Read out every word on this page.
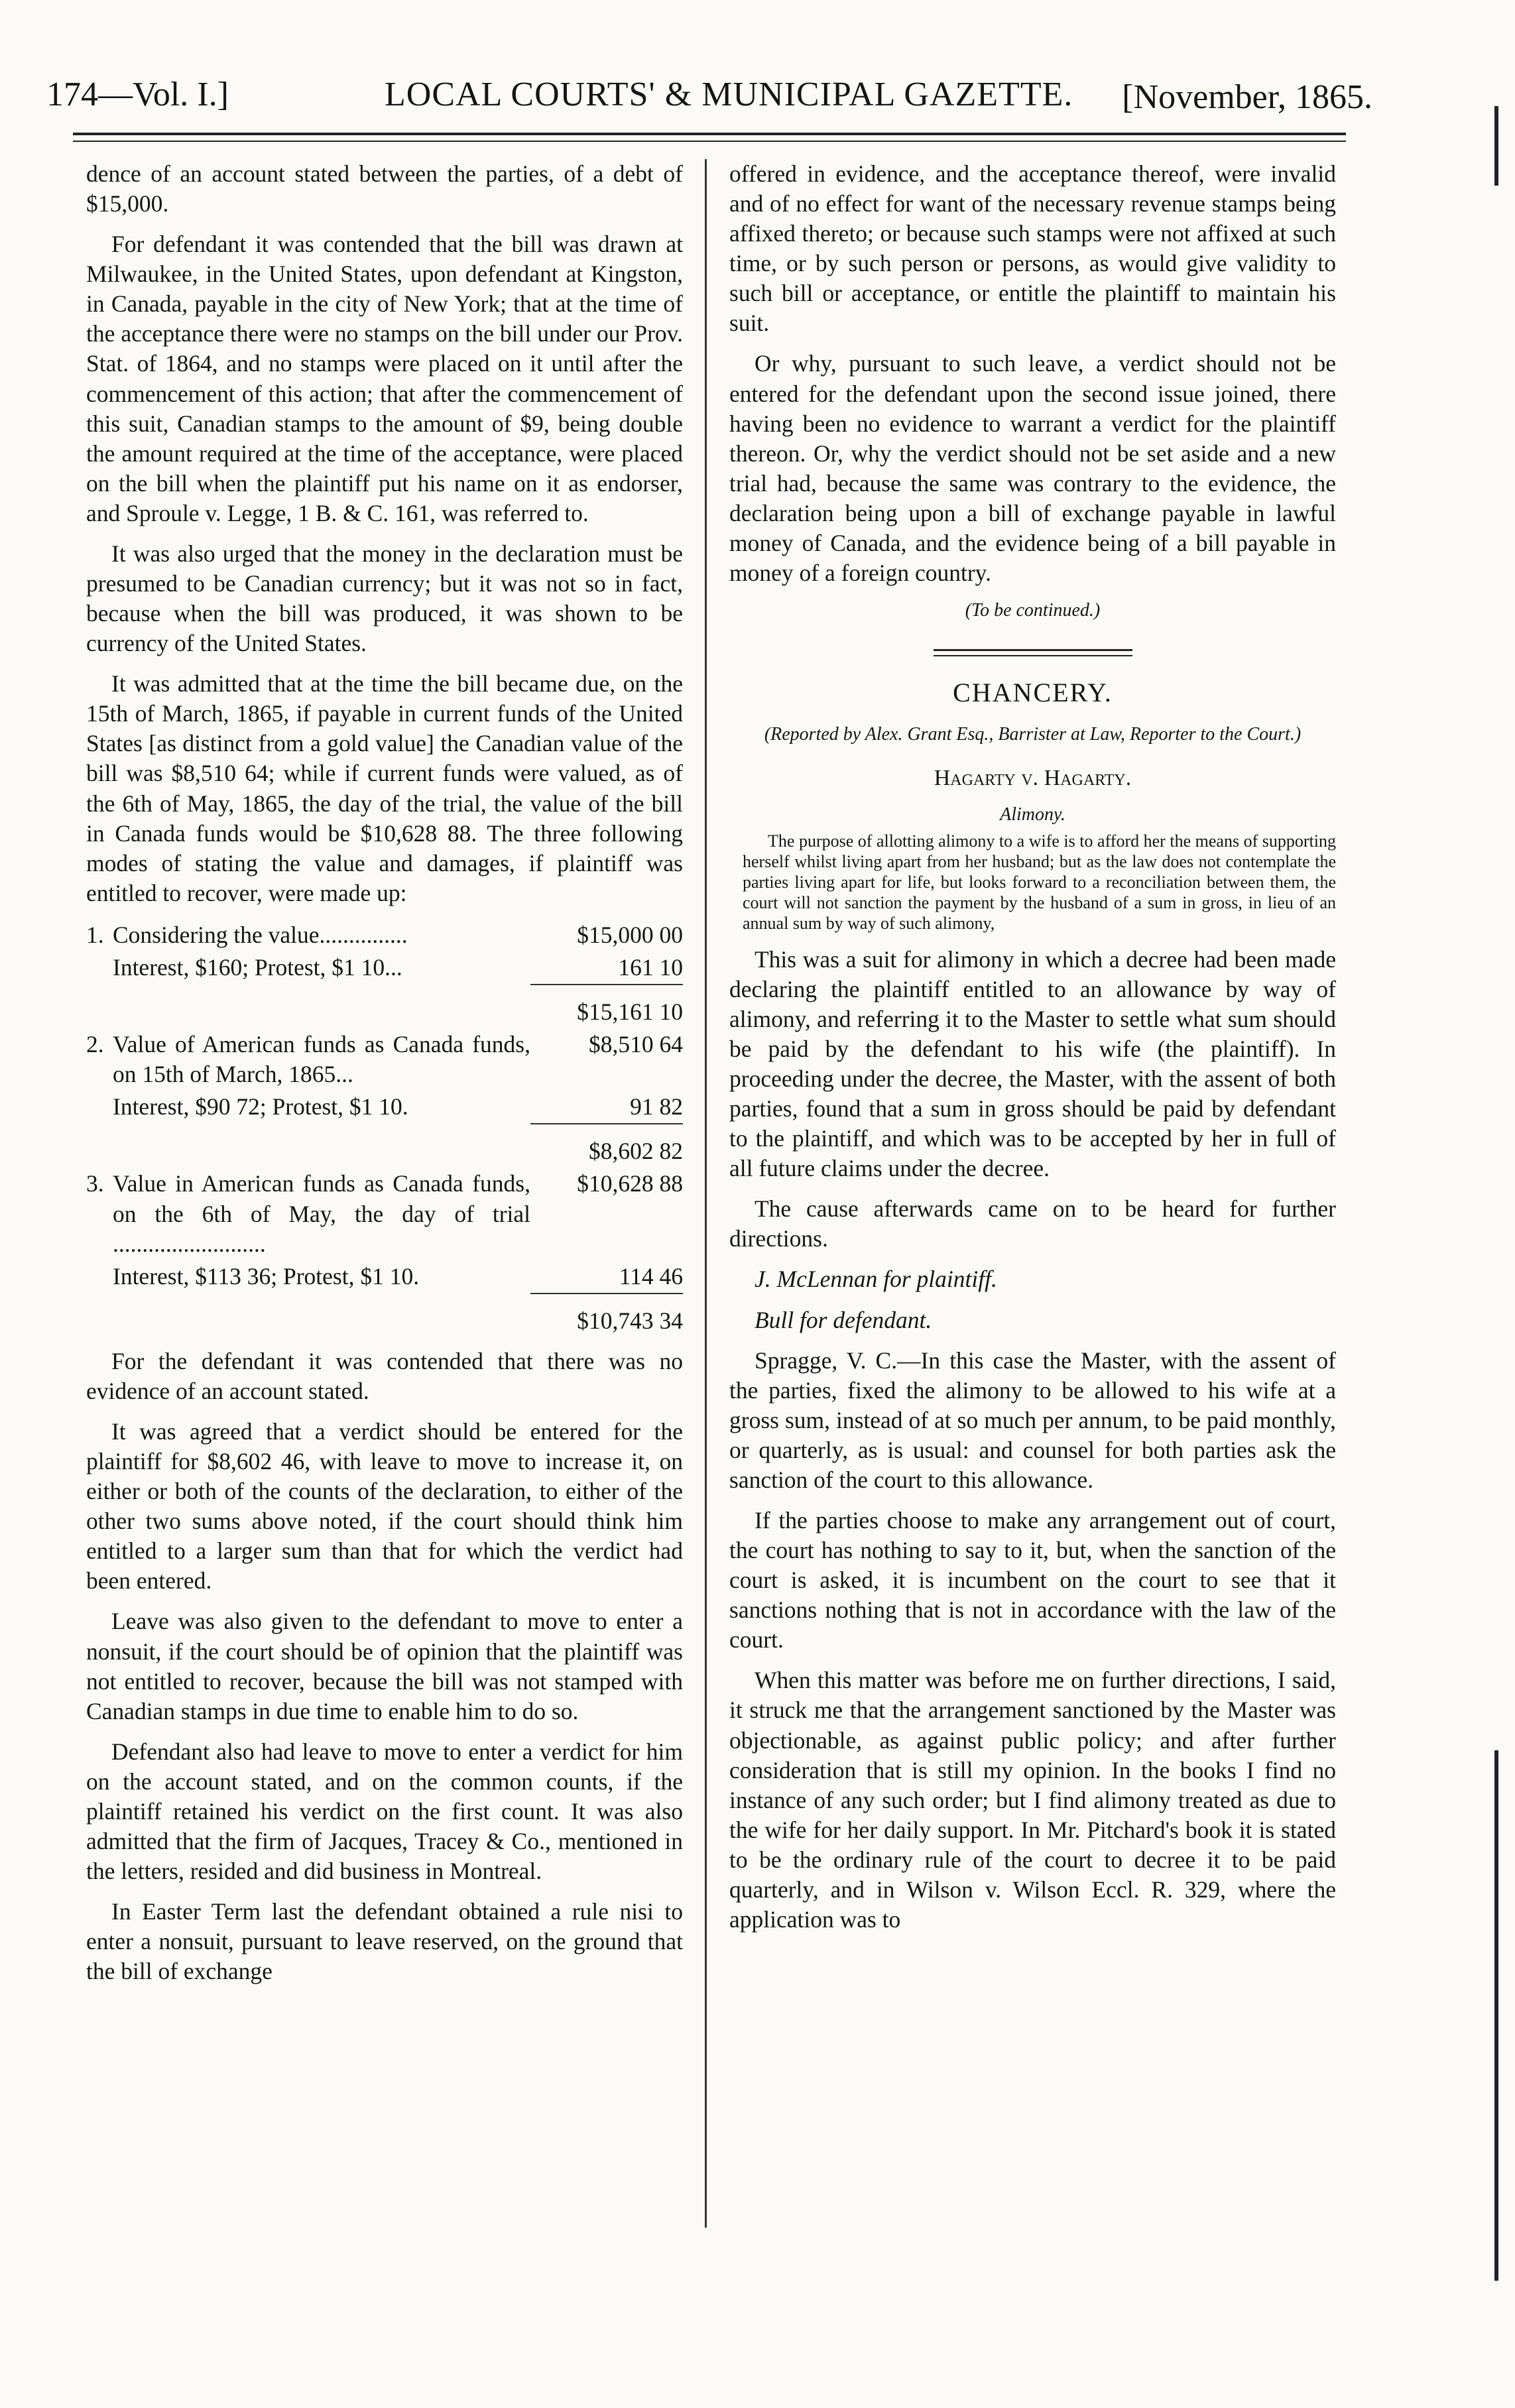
174—Vol. I.]	LOCAL COURTS' & MUNICIPAL GAZETTE. [November, 1865.

dence of an account stated between the parties, of a debt of $15,000.

For defendant it was contended that the bill was drawn at Milwaukee, in the United States, upon defendant at Kingston, in Canada, payable in the city of New York; that at the time of the acceptance there were no stamps on the bill under our Prov. Stat. of 1864, and no stamps were placed on it until after the commencement of this action; that after the commencement of this suit, Canadian stamps to the amount of $9, being double the amount required at the time of the acceptance, were placed on the bill when the plaintiff put his name on it as endorser, and Sproule v. Legge, 1 B. & C. 161, was referred to.

It was also urged that the money in the declaration must be presumed to be Canadian currency; but it was not so in fact, because when the bill was produced, it was shown to be currency of the United States.

It was admitted that at the time the bill became due, on the 15th of March, 1865, if payable in current funds of the United States [as distinct from a gold value] the Canadian value of the bill was $8,510 64; while if current funds were valued, as of the 6th of May, 1865, the day of the trial, the value of the bill in Canada funds would be $10,628 88. The three following modes of stating the value and damages, if plaintiff was entitled to recover, were made up:

1.	Considering the value...............	$15,000 00
	Interest, $160; Protest, $1 10...	161 10
		$15,161 10
2.	Value of American funds as Canada funds, on 15th of March, 1865...	$8,510 64
	Interest, $90 72; Protest, $1 10.	91 82
		$8,602 82
3.	Value in American funds as Canada funds, on the 6th of May, the day of trial ..........................	$10,628 88
	Interest, $113 36; Protest, $1 10.	114 46
		$10,743 34

For the defendant it was contended that there was no evidence of an account stated.

It was agreed that a verdict should be entered for the plaintiff for $8,602 46, with leave to move to increase it, on either or both of the counts of the declaration, to either of the other two sums above noted, if the court should think him entitled to a larger sum than that for which the verdict had been entered.

Leave was also given to the defendant to move to enter a nonsuit, if the court should be of opinion that the plaintiff was not entitled to recover, because the bill was not stamped with Canadian stamps in due time to enable him to do so.

Defendant also had leave to move to enter a verdict for him on the account stated, and on the common counts, if the plaintiff retained his verdict on the first count. It was also admitted that the firm of Jacques, Tracey & Co., mentioned in the letters, resided and did business in Montreal.

In Easter Term last the defendant obtained a rule nisi to enter a nonsuit, pursuant to leave reserved, on the ground that the bill of exchange

offered in evidence, and the acceptance thereof, were invalid and of no effect for want of the necessary revenue stamps being affixed thereto; or because such stamps were not affixed at such time, or by such person or persons, as would give validity to such bill or acceptance, or entitle the plaintiff to maintain his suit.

Or why, pursuant to such leave, a verdict should not be entered for the defendant upon the second issue joined, there having been no evidence to warrant a verdict for the plaintiff thereon. Or, why the verdict should not be set aside and a new trial had, because the same was contrary to the evidence, the declaration being upon a bill of exchange payable in lawful money of Canada, and the evidence being of a bill payable in money of a foreign country.

(To be continued.)

CHANCERY.

(Reported by Alex. Grant Esq., Barrister at Law, Reporter to the Court.)

Hagarty v. Hagarty.

Alimony.

The purpose of allotting alimony to a wife is to afford her the means of supporting herself whilst living apart from her husband; but as the law does not contemplate the parties living apart for life, but looks forward to a reconciliation between them, the court will not sanction the payment by the husband of a sum in gross, in lieu of an annual sum by way of such alimony,

This was a suit for alimony in which a decree had been made declaring the plaintiff entitled to an allowance by way of alimony, and referring it to the Master to settle what sum should be paid by the defendant to his wife (the plaintiff). In proceeding under the decree, the Master, with the assent of both parties, found that a sum in gross should be paid by defendant to the plaintiff, and which was to be accepted by her in full of all future claims under the decree.

The cause afterwards came on to be heard for further directions.

J. McLennan for plaintiff.

Bull for defendant.

Spragge, V. C.—In this case the Master, with the assent of the parties, fixed the alimony to be allowed to his wife at a gross sum, instead of at so much per annum, to be paid monthly, or quarterly, as is usual: and counsel for both parties ask the sanction of the court to this allowance.

If the parties choose to make any arrangement out of court, the court has nothing to say to it, but, when the sanction of the court is asked, it is incumbent on the court to see that it sanctions nothing that is not in accordance with the law of the court.

When this matter was before me on further directions, I said, it struck me that the arrangement sanctioned by the Master was objectionable, as against public policy; and after further consideration that is still my opinion. In the books I find no instance of any such order; but I find alimony treated as due to the wife for her daily support. In Mr. Pitchard's book it is stated to be the ordinary rule of the court to decree it to be paid quarterly, and in Wilson v. Wilson Eccl. R. 329, where the application was to
